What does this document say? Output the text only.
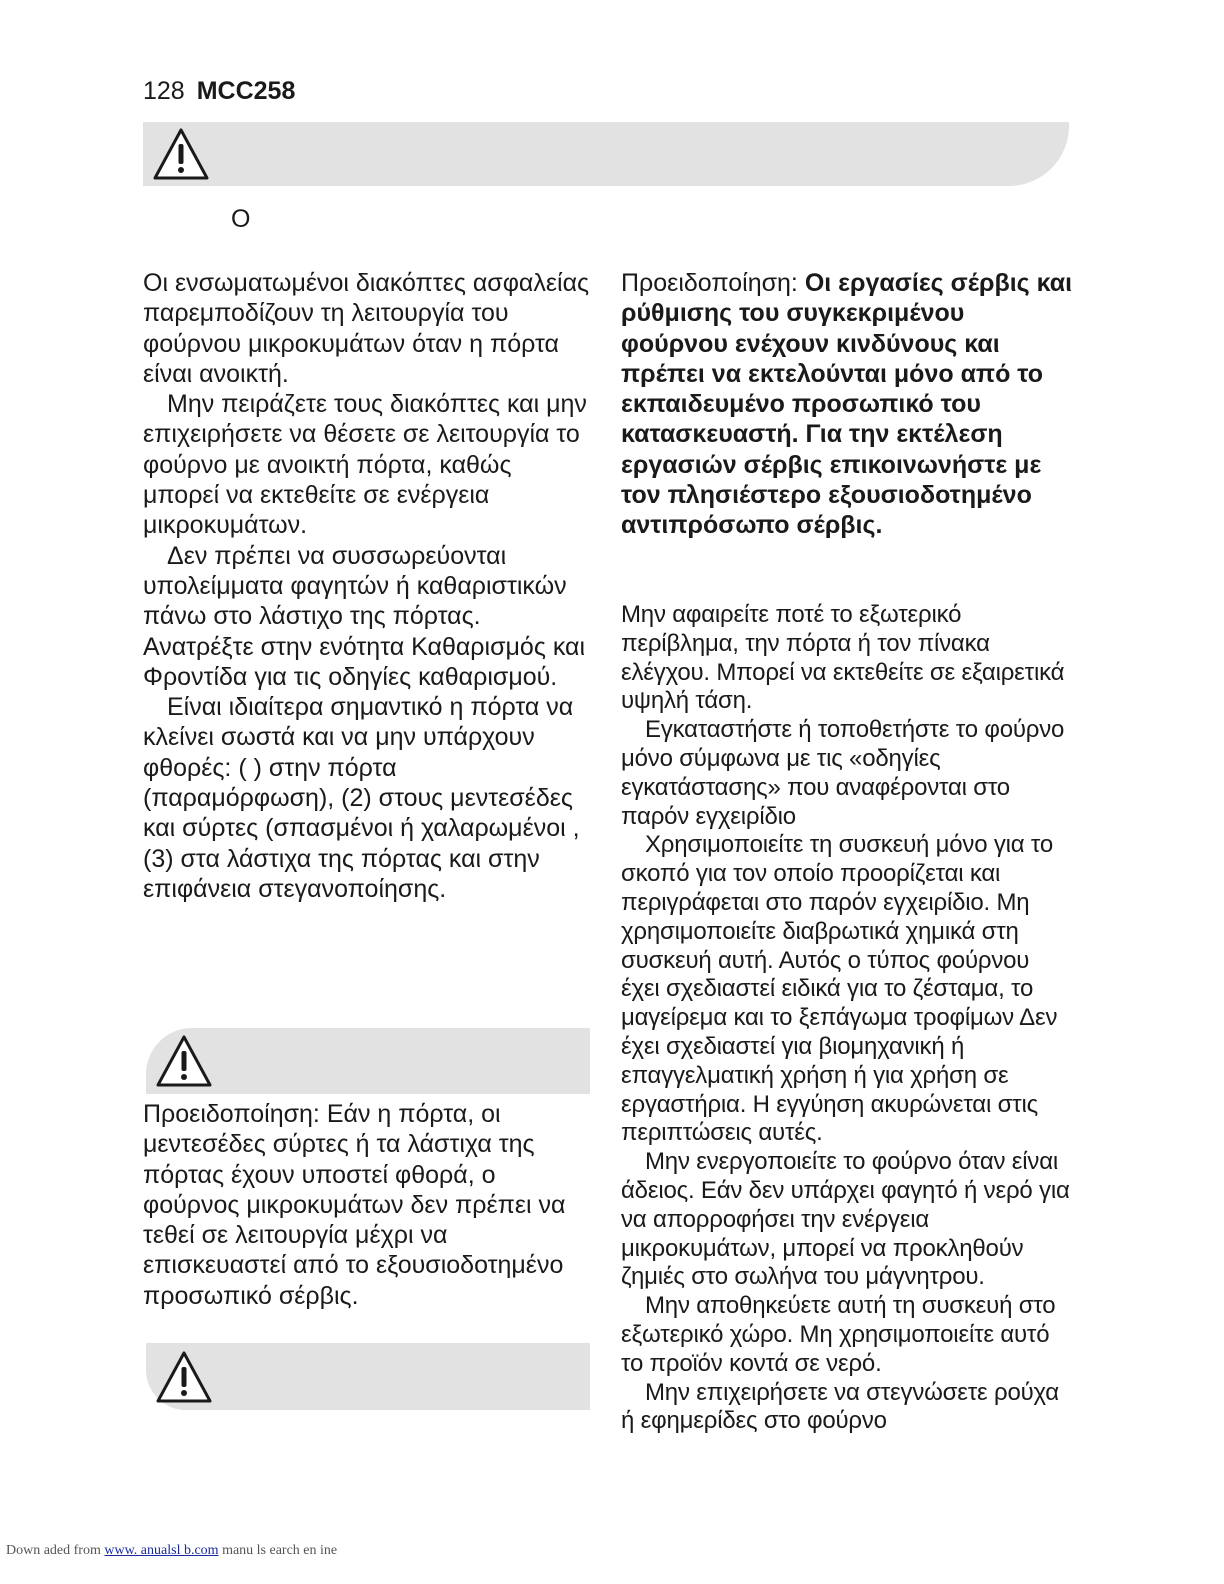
128 MCC258
O

Οι ενσωματωμένοι διακόπτες ασφαλείας παρεμποδίζουν τη λειτουργία του φούρνου μικροκυμάτων όταν η πόρτα είναι ανοικτή.

Μην πειράζετε τους διακόπτες και μην επιχειρήσετε να θέσετε σε λειτουργία το φούρνο με ανοικτή πόρτα, καθώς μπορεί να εκτεθείτε σε ενέργεια μικροκυμάτων.

Δεν πρέπει να συσσωρεύονται υπολείμματα φαγητών ή καθαριστικών πάνω στο λάστιχο της πόρτας. Ανατρέξτε στην ενότητα Καθαρισμός και Φροντίδα για τις οδηγίες καθαρισμού.

Είναι ιδιαίτερα σημαντικό η πόρτα να κλείνει σωστά και να μην υπάρχουν φθορές: ( ) στην πόρτα (παραμόρφωση), (2) στους μεντεσέδες και σύρτες (σπασμένοι ή χαλαρωμένοι , (3) στα λάστιχα της πόρτας και στην επιφάνεια στεγανοποίησης.

Προειδοποίηση: Εάν η πόρτα, οι μεντεσέδες σύρτες ή τα λάστιχα της πόρτας έχουν υποστεί φθορά, ο φούρνος μικροκυμάτων δεν πρέπει να τεθεί σε λειτουργία μέχρι να επισκευαστεί από το εξουσιοδοτημένο προσωπικό σέρβις.

Προειδοποίηση: Οι εργασίες σέρβις και ρύθμισης του συγκεκριμένου φούρνου ενέχουν κινδύνους και πρέπει να εκτελούνται μόνο από το εκπαιδευμένο προσωπικό του κατασκευαστή. Για την εκτέλεση εργασιών σέρβις επικοινωνήστε με τον πλησιέστερο εξουσιοδοτημένο αντιπρόσωπο σέρβις.

Μην αφαιρείτε ποτέ το εξωτερικό περίβλημα, την πόρτα ή τον πίνακα ελέγχου. Μπορεί να εκτεθείτε σε εξαιρετικά υψηλή τάση.

Εγκαταστήστε ή τοποθετήστε το φούρνο μόνο σύμφωνα με τις «οδηγίες εγκατάστασης» που αναφέρονται στο παρόν εγχειρίδιο

Χρησιμοποιείτε τη συσκευή μόνο για το σκοπό για τον οποίο προορίζεται και περιγράφεται στο παρόν εγχειρίδιο. Μη χρησιμοποιείτε διαβρωτικά χημικά στη συσκευή αυτή. Αυτός ο τύπος φούρνου έχει σχεδιαστεί ειδικά για το ζέσταμα, το μαγείρεμα και το ξεπάγωμα τροφίμων Δεν έχει σχεδιαστεί για βιομηχανική ή επαγγελματική χρήση ή για χρήση σε εργαστήρια. Η εγγύηση ακυρώνεται στις περιπτώσεις αυτές.

Μην ενεργοποιείτε το φούρνο όταν είναι άδειος. Εάν δεν υπάρχει φαγητό ή νερό για να απορροφήσει την ενέργεια μικροκυμάτων, μπορεί να προκληθούν ζημιές στο σωλήνα του μάγνητρου.

Μην αποθηκεύετε αυτή τη συσκευή στο εξωτερικό χώρο. Μη χρησιμοποιείτε αυτό το προϊόν κοντά σε νερό.

Μην επιχειρήσετε να στεγνώσετε ρούχα ή εφημερίδες στο φούρνο

Down aded from www. anualsl b.com manu ls earch en ine
